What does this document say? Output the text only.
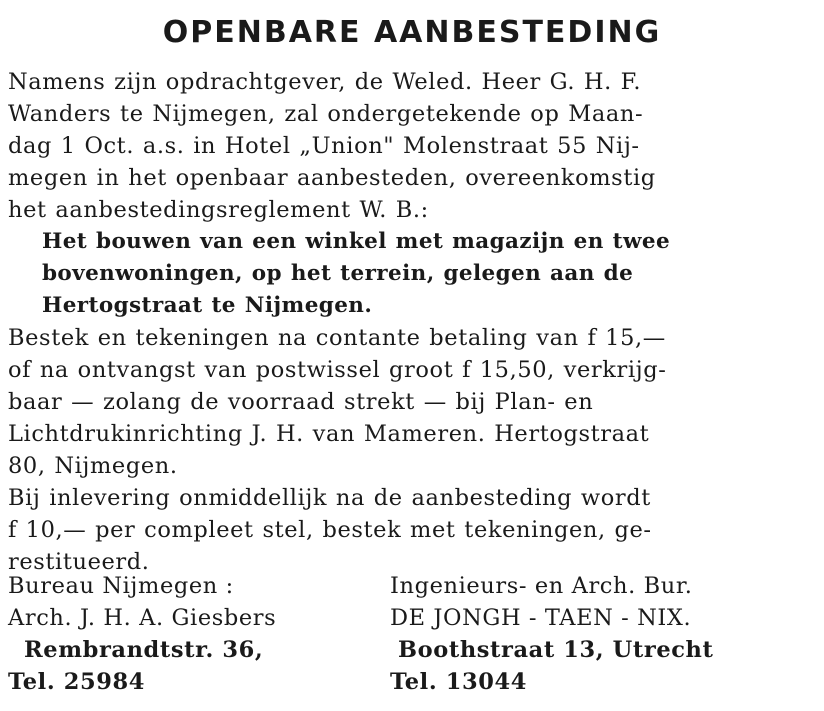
OPENBARE AANBESTEDING
Namens zijn opdrachtgever, de Weled. Heer G. H. F.
Wanders te Nijmegen, zal ondergetekende op Maan-
dag 1 Oct. a.s. in Hotel „Union" Molenstraat 55 Nij-
megen in het openbaar aanbesteden, overeenkomstig
het aanbestedingsreglement W. B.:
Het bouwen van een winkel met magazijn en twee
bovenwoningen, op het terrein, gelegen aan de
Hertogstraat te Nijmegen.
Bestek en tekeningen na contante betaling van f 15,—
of na ontvangst van postwissel groot f 15,50, verkrijg-
baar — zolang de voorraad strekt — bij Plan- en
Lichtdrukinrichting J. H. van Mameren. Hertogstraat
80, Nijmegen.
Bij inlevering onmiddellijk na de aanbesteding wordt
f 10,— per compleet stel, bestek met tekeningen, ge-
restitueerd.
Bureau Nijmegen :
Arch. J. H. A. Giesbers
Rembrandtstr. 36,
Tel. 25984
Ingenieurs- en Arch. Bur.
DE JONGH - TAEN - NIX.
Boothstraat 13, Utrecht
Tel. 13044
